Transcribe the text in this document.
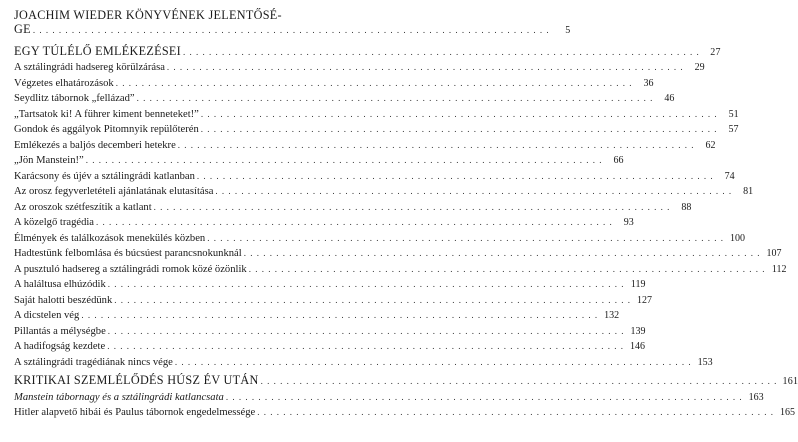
JOACHIM WIEDER KÖNYVÉNEK JELENTŐSÉ-
GE . . .	5
EGY TÚLÉLŐ EMLÉKEZÉSEI . . .	27
A sztálingrádi hadsereg körülzárása . . .	29
Végzetes elhatározások . . .	36
Seydlitz tábornok „fellázad” . . .	46
„Tartsatok ki! A führer kiment benneteket!” . . .	51
Gondok és aggályok Pitomnyik repülőterén . . .	57
Emlékezés a baljós decemberi hetekre . . .	62
„Jön Manstein!” . . .	66
Karácsony és újév a sztálingrádi katlanban . . .	74
Az orosz fegyverletételi ajánlatának elutasítása . . .	81
Az oroszok szétfeszítik a katlant . . .	88
A közelgő tragédia . . .	93
Élmények és találkozások menekülés közben . . .	100
Hadtestünk felbomlása és búcsúest parancsnokunknál . . .	107
A pusztuló hadsereg a sztálingrádi romok közé özönlik . . .	112
A haláltusa elhúzódik . . .	119
Saját halotti beszédünk . . .	127
A dicstelen vég . . .	132
Pillantás a mélységbe . . .	139
A hadifogság kezdete . . .	146
A sztálingrádi tragédiának nincs vége . . .	153
KRITIKAI SZEMLÉLŐDÉS HÚSZ ÉV UTÁN . . .	161
Manstein tábornagy és a sztálingrádi katlancsata . . .	163
Hitler alapvető hibái és Paulus tábornok engedelmessége . . .	165
